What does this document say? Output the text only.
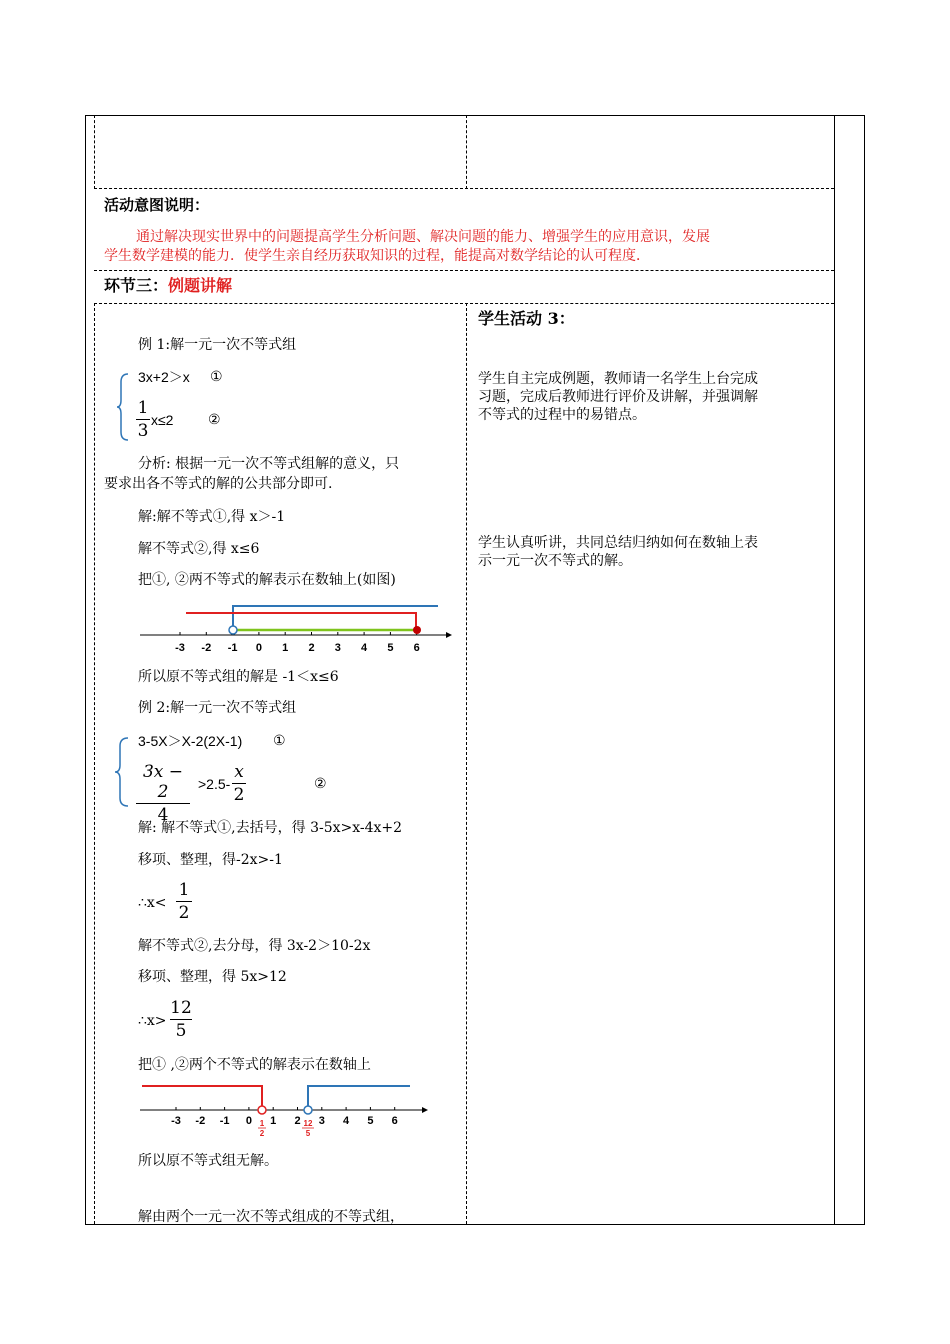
活动意图说明：
通过解决现实世界中的问题提高学生分析问题、解决问题的能力、增强学生的应用意识，发展
学生数学建模的能力．使学生亲自经历获取知识的过程，能提高对数学结论的认可程度．
环节三：例题讲解
学生活动 3：
学生自主完成例题，教师请一名学生上台完成
习题，完成后教师进行评价及讲解，并强调解
不等式的过程中的易错点。
学生认真听讲，共同总结归纳如何在数轴上表
示一元一次不等式的解。
例 1:解一元一次不等式组
3x+2＞x ①
1
3
x≤2 ②
分析: 根据一元一次不等式组解的意义，只
要求出各不等式的解的公共部分即可.
解:解不等式①,得 x＞-1
解不等式②,得 x≤6
把①, ②两不等式的解表示在数轴上(如图)
-3 -2 -1 0 1 2 3 4 5 6
所以原不等式组的解是 -1＜x≤6
例 2:解一元一次不等式组
3-5X＞X-2(2X-1) ①
3x − 2
4
>2.5-
x
2
②
解: 解不等式①,去括号，得 3-5x>x-4x+2
移项、整理，得-2x>-1
∴x<
1
2
解不等式②,去分母，得 3x-2＞10-2x
移项、整理，得 5x>12
∴x>
12
5
把① ,②两个不等式的解表示在数轴上
-3 -2 -1 0 1 2 3 4 5 6
1
2
12
5
所以原不等式组无解。
解由两个一元一次不等式组成的不等式组，
